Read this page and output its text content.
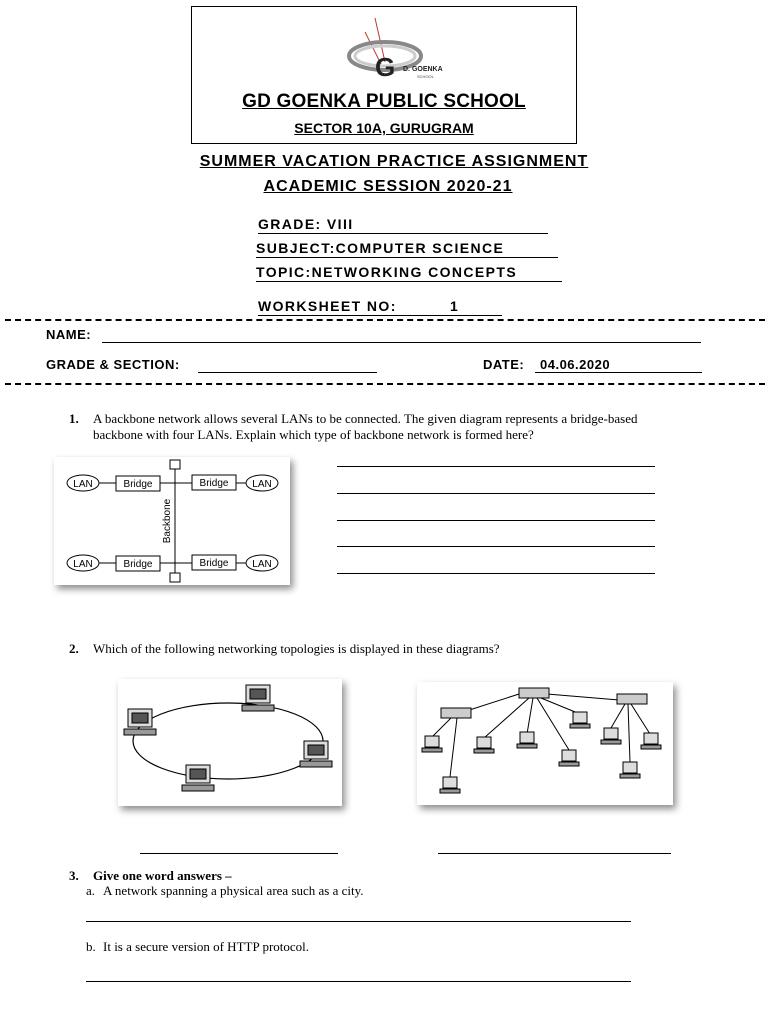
G D. GOENKA
SCHOOL
GD GOENKA PUBLIC SCHOOL
SECTOR 10A, GURUGRAM
SUMMER VACATION PRACTICE ASSIGNMENT
ACADEMIC SESSION 2020-21
GRADE: VIII
SUBJECT:COMPUTER SCIENCE
TOPIC:NETWORKING CONCEPTS
WORKSHEET NO:	1
NAME:
GRADE & SECTION:	DATE: 04.06.2020
1. A backbone network allows several LANs to be connected. The given diagram represents a bridge-based
backbone with four LANs. Explain which type of backbone network is formed here?
LAN
LAN
LAN
LAN
Bridge
Bridge
Bridge
Bridge
Backbone
2. Which of the following networking topologies is displayed in these diagrams?
3. Give one word answers –
a. A network spanning a physical area such as a city.
b. It is a secure version of HTTP protocol.
